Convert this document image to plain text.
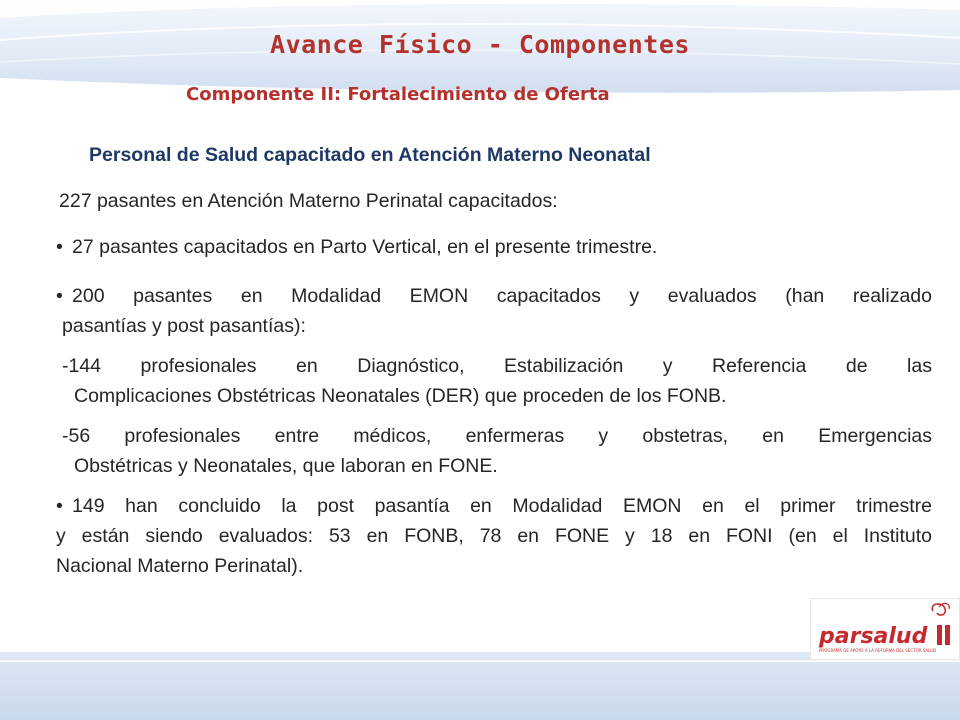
Avance Físico - Componentes
Componente II: Fortalecimiento de Oferta
Personal de Salud capacitado en Atención Materno Neonatal
227 pasantes en Atención Materno Perinatal capacitados:
• 27 pasantes capacitados en Parto Vertical, en el presente trimestre.
• 200 pasantes en Modalidad EMON capacitados y evaluados (han realizado
pasantías y post pasantías):
-144 profesionales en Diagnóstico, Estabilización y Referencia de las
Complicaciones Obstétricas Neonatales (DER) que proceden de los FONB.
-56 profesionales entre médicos, enfermeras y obstetras, en Emergencias
Obstétricas y Neonatales, que laboran en FONE.
• 149 han concluido la post pasantía en Modalidad EMON en el primer trimestre
y están siendo evaluados: 53 en FONB, 78 en FONE y 18 en FONI (en el Instituto
Nacional Materno Perinatal).
parsalud
PROGRAMA DE APOYO A LA REFORMA DEL SECTOR SALUD
